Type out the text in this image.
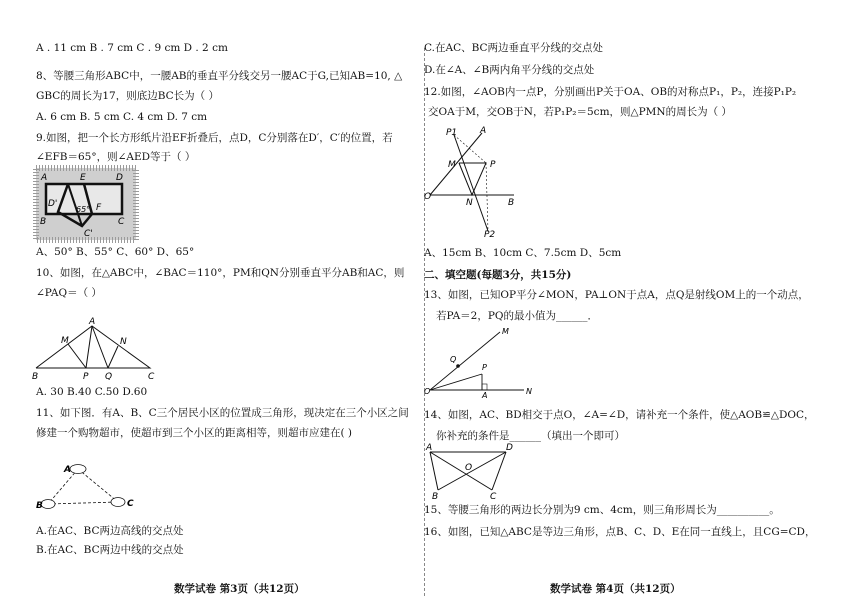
A . 11 cm B . 7 cm C . 9 cm D . 2 cm
8、等腰三角形ABC中，一腰AB的垂直平分线交另一腰AC于G,已知AB=10, △
GBC的周长为17，则底边BC长为（ ）
A. 6 cm B. 5 cm C. 4 cm D. 7 cm
9.如图，把一个长方形纸片沿EF折叠后，点D，C分别落在D′，C′的位置，若
∠EFB＝65°，则∠AED等于（ ）
A	E	D
D'
65° F
B	C
C'
A、50° B、55° C、60° D、65°
10、如图，在△ABC中，∠BAC＝110°，PM和QN分别垂直平分AB和AC，则
∠PAQ＝（ ）
A
M	N
B	P Q	C
A. 30 B.40 C.50 D.60
11、如下图．有A、B、C三个居民小区的位置成三角形，现决定在三个小区之间
修建一个购物超市，使超市到三个小区的距离相等，则超市应建在( )
A
B	C
A.在AC、BC两边高线的交点处
B.在AC、BC两边中线的交点处
数学试卷 第3页（共12页）
C.在AC、BC两边垂直平分线的交点处
D.在∠A、∠B两内角平分线的交点处
12.如图，∠AOB内一点P，分别画出P关于OA、OB的对称点P₁，P₂，连接P₁P₂
交OA于M，交OB于N，若P₁P₂＝5cm，则△PMN的周长为（ ）
P1	A
M	P
O
N	B
P2
A、15cm B、10cm C、7.5cm D、5cm
二、填空题(每题3分，共15分)
13、如图，已知OP平分∠MON，PA⊥ON于点A，点Q是射线OM上的一个动点，
若PA＝2，PQ的最小值为______．
M
Q
P
O	A	N
14、如图，AC、BD相交于点O，∠A=∠D，请补充一个条件，使△AOB≌△DOC，
你补充的条件是______（填出一个即可）
A	D
O
B	C
15、等腰三角形的两边长分别为9 cm、4cm，则三角形周长为__________。
16、如图，已知△ABC是等边三角形，点B、C、D、E在同一直线上，且CG=CD，
数学试卷 第4页（共12页）
